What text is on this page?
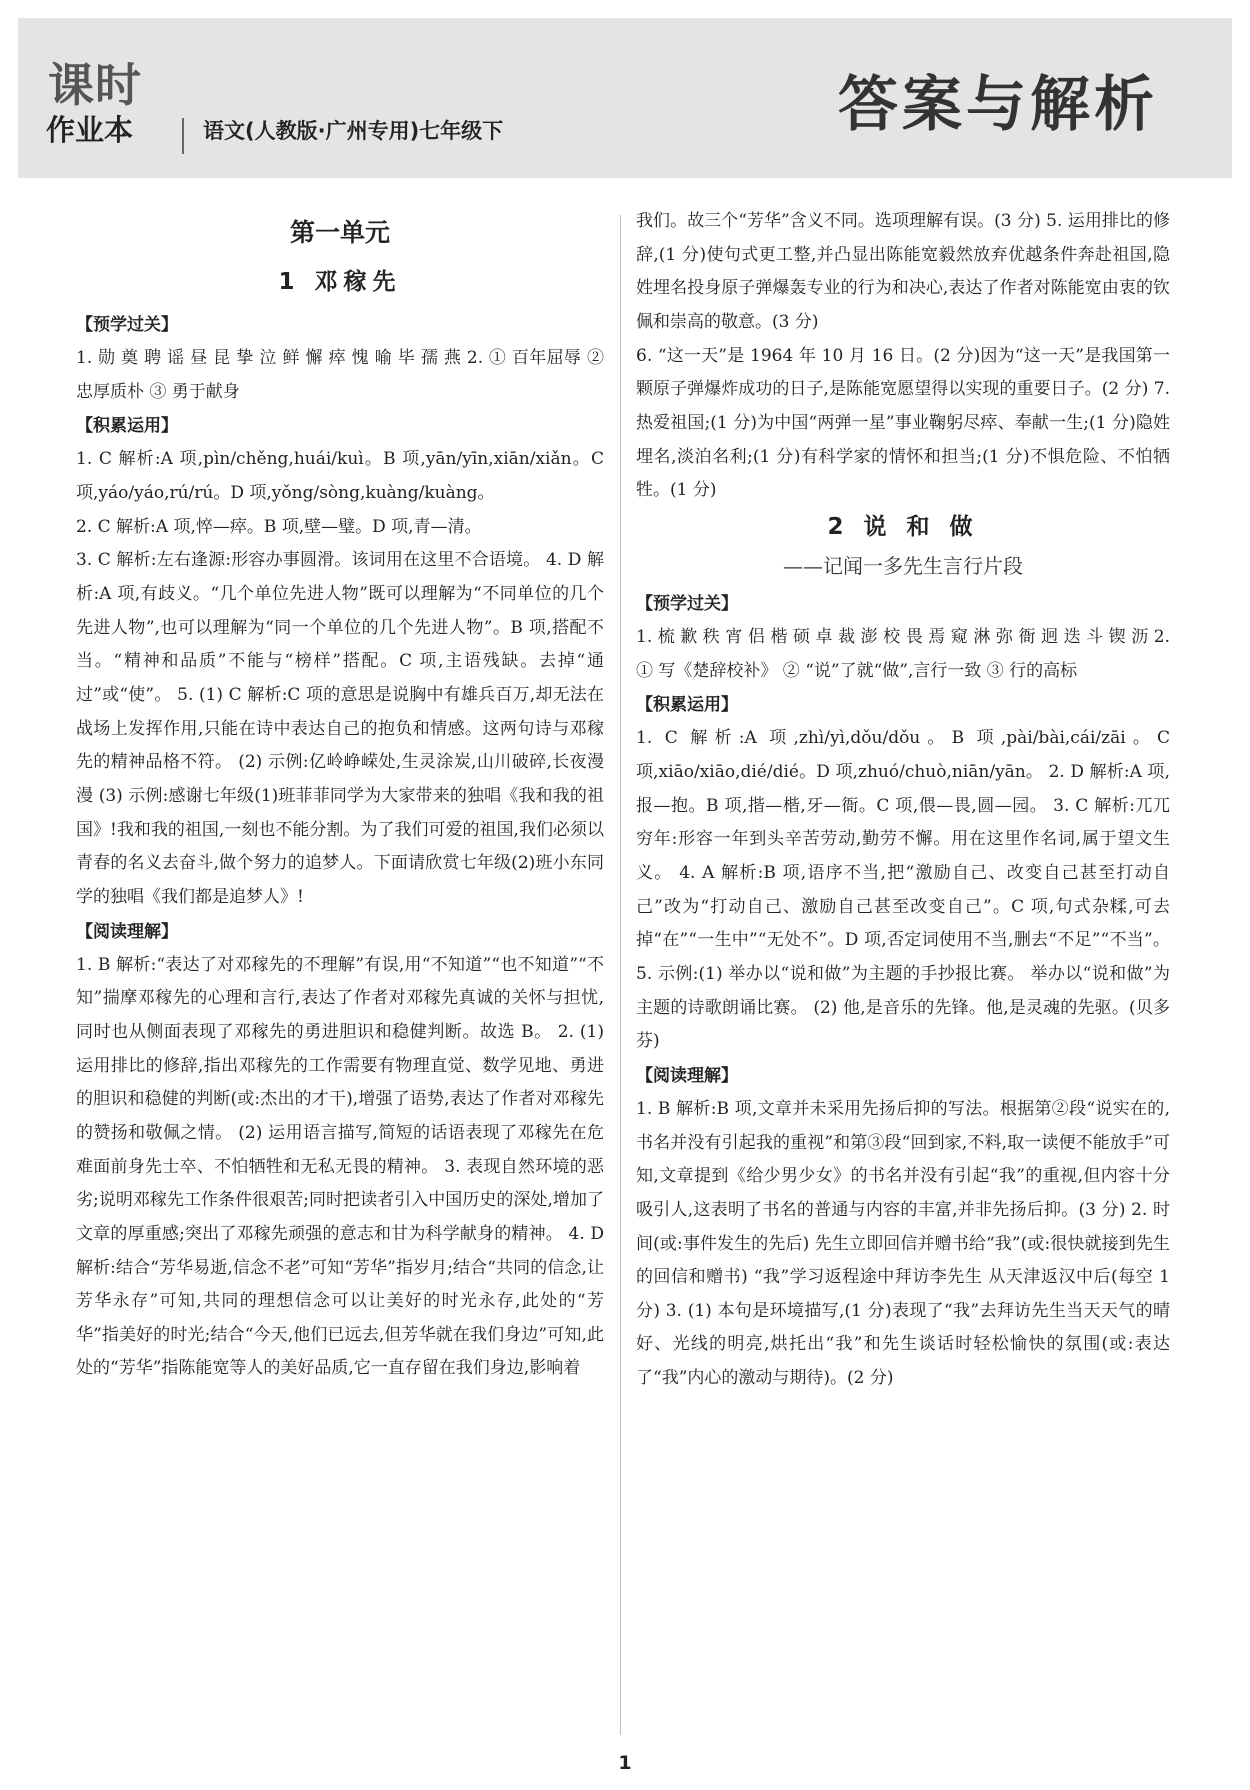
课时
作业本	语文(人教版·广州专用)七年级下	答案与解析
第一单元
1 邓稼先
【预学过关】

1. 勋 奠 聘 谣 昼 昆 挚 泣 鲜 懈 瘁 愧 喻 毕 孺 燕 2. ① 百年屈辱 ② 忠厚质朴 ③ 勇于献身

【积累运用】

1. C 解析:A 项,pìn/chěng,huái/kuì。B 项,yān/yīn,xiān/xiǎn。C 项,yáo/yáo,rú/rú。D 项,yǒng/sòng,kuàng/kuàng。

2. C 解析:A 项,悴—瘁。B 项,壁—璧。D 项,青—清。

3. C 解析:左右逢源:形容办事圆滑。该词用在这里不合语境。 4. D 解析:A 项,有歧义。“几个单位先进人物”既可以理解为“不同单位的几个先进人物”,也可以理解为“同一个单位的几个先进人物”。B 项,搭配不当。“精神和品质”不能与“榜样”搭配。C 项,主语残缺。去掉“通过”或“使”。 5. (1) C 解析:C 项的意思是说胸中有雄兵百万,却无法在战场上发挥作用,只能在诗中表达自己的抱负和情感。这两句诗与邓稼先的精神品格不符。 (2) 示例:亿岭峥嵘处,生灵涂炭,山川破碎,长夜漫漫 (3) 示例:感谢七年级(1)班菲菲同学为大家带来的独唱《我和我的祖国》!我和我的祖国,一刻也不能分割。为了我们可爱的祖国,我们必须以青春的名义去奋斗,做个努力的追梦人。下面请欣赏七年级(2)班小东同学的独唱《我们都是追梦人》!

【阅读理解】

1. B 解析:“表达了对邓稼先的不理解”有误,用“不知道”“也不知道”“不知”揣摩邓稼先的心理和言行,表达了作者对邓稼先真诚的关怀与担忧,同时也从侧面表现了邓稼先的勇进胆识和稳健判断。故选 B。 2. (1) 运用排比的修辞,指出邓稼先的工作需要有物理直觉、数学见地、勇进的胆识和稳健的判断(或:杰出的才干),增强了语势,表达了作者对邓稼先的赞扬和敬佩之情。 (2) 运用语言描写,简短的话语表现了邓稼先在危难面前身先士卒、不怕牺牲和无私无畏的精神。 3. 表现自然环境的恶劣;说明邓稼先工作条件很艰苦;同时把读者引入中国历史的深处,增加了文章的厚重感;突出了邓稼先顽强的意志和甘为科学献身的精神。 4. D 解析:结合“芳华易逝,信念不老”可知“芳华”指岁月;结合“共同的信念,让芳华永存”可知,共同的理想信念可以让美好的时光永存,此处的“芳华”指美好的时光;结合“今天,他们已远去,但芳华就在我们身边”可知,此处的“芳华”指陈能宽等人的美好品质,它一直存留在我们身边,影响着

我们。故三个“芳华”含义不同。选项理解有误。(3 分) 5. 运用排比的修辞,(1 分)使句式更工整,并凸显出陈能宽毅然放弃优越条件奔赴祖国,隐姓埋名投身原子弹爆轰专业的行为和决心,表达了作者对陈能宽由衷的钦佩和崇高的敬意。(3 分)

6. “这一天”是 1964 年 10 月 16 日。(2 分)因为“这一天”是我国第一颗原子弹爆炸成功的日子,是陈能宽愿望得以实现的重要日子。(2 分) 7. 热爱祖国;(1 分)为中国“两弹一星”事业鞠躬尽瘁、奉献一生;(1 分)隐姓埋名,淡泊名利;(1 分)有科学家的情怀和担当;(1 分)不惧危险、不怕牺牲。(1 分)

2 说 和 做
——记闻一多先生言行片段
【预学过关】

1. 梳 歉 秩 宵 侣 楷 硕 卓 裁 澎 校 畏 焉 窥 淋 弥 衙 迥 迭 斗 锲 沥 2. ① 写《楚辞校补》 ② “说”了就“做”,言行一致 ③ 行的高标

【积累运用】

1. C 解析:A 项,zhì/yì,dǒu/dǒu。B 项,pài/bài,cái/zāi。C 项,xiāo/xiāo,dié/dié。D 项,zhuó/chuò,niān/yān。 2. D 解析:A 项,报—抱。B 项,揩—楷,牙—衙。C 项,偎—畏,圆—园。 3. C 解析:兀兀穷年:形容一年到头辛苦劳动,勤劳不懈。用在这里作名词,属于望文生义。 4. A 解析:B 项,语序不当,把“激励自己、改变自己甚至打动自己”改为“打动自己、激励自己甚至改变自己”。C 项,句式杂糅,可去掉“在”“一生中”“无处不”。D 项,否定词使用不当,删去“不足”“不当”。 5. 示例:(1) 举办以“说和做”为主题的手抄报比赛。 举办以“说和做”为主题的诗歌朗诵比赛。 (2) 他,是音乐的先锋。他,是灵魂的先驱。(贝多芬)

【阅读理解】

1. B 解析:B 项,文章并未采用先扬后抑的写法。根据第②段“说实在的,书名并没有引起我的重视”和第③段“回到家,不料,取一读便不能放手”可知,文章提到《给少男少女》的书名并没有引起“我”的重视,但内容十分吸引人,这表明了书名的普通与内容的丰富,并非先扬后抑。(3 分) 2. 时间(或:事件发生的先后) 先生立即回信并赠书给“我”(或:很快就接到先生的回信和赠书) “我”学习返程途中拜访李先生 从天津返汉中后(每空 1 分) 3. (1) 本句是环境描写,(1 分)表现了“我”去拜访先生当天天气的晴好、光线的明亮,烘托出“我”和先生谈话时轻松愉快的氛围(或:表达了“我”内心的激动与期待)。(2 分)

1
